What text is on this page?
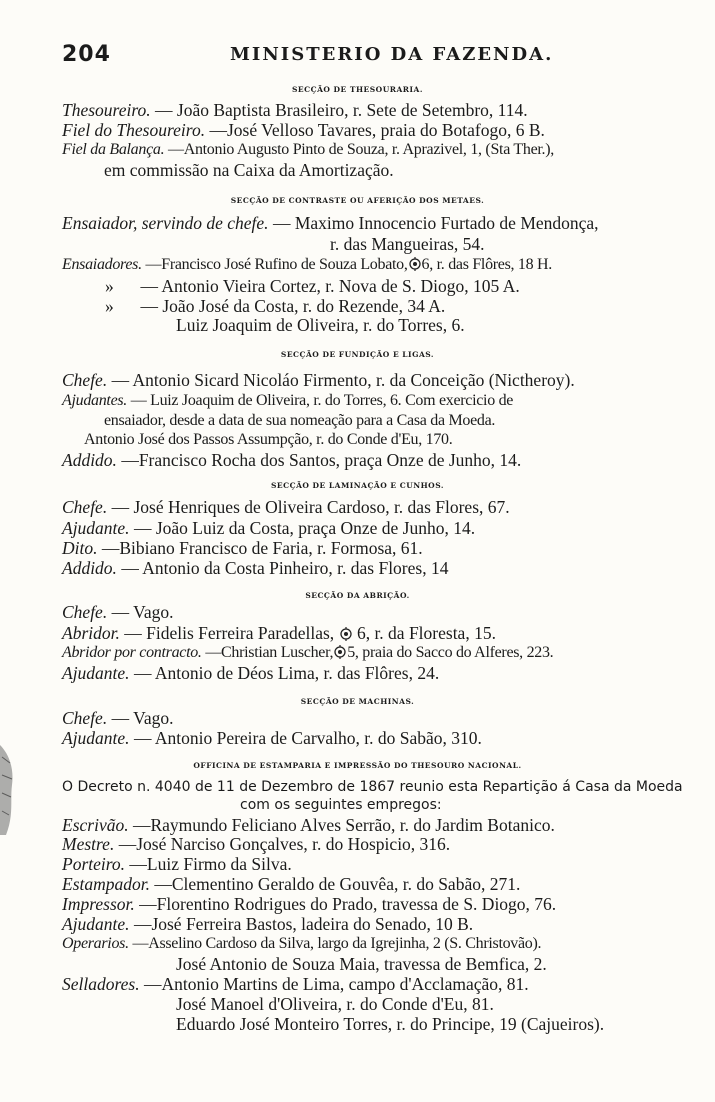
204	MINISTERIO DA FAZENDA.
SECÇÃO DE THESOURARIA.
Thesoureiro. — João Baptista Brasileiro, r. Sete de Setembro, 114.
Fiel do Thesoureiro. —José Velloso Tavares, praia do Botafogo, 6 B.
Fiel da Balança. —Antonio Augusto Pinto de Souza, r. Aprazivel, 1, (Sta Ther.),
em commissão na Caixa da Amortização.
SECÇÃO DE CONTRASTE OU AFERIÇÃO DOS METAES.
Ensaiador, servindo de chefe. — Maximo Innocencio Furtado de Mendonça,
r. das Mangueiras, 54.
Ensaiadores. —Francisco José Rufino de Souza Lobato, 6, r. das Flôres, 18 H.
» — Antonio Vieira Cortez, r. Nova de S. Diogo, 105 A.
» — João José da Costa, r. do Rezende, 34 A.
Luiz Joaquim de Oliveira, r. do Torres, 6.
SECÇÃO DE FUNDIÇÃO E LIGAS.
Chefe. — Antonio Sicard Nicoláo Firmento, r. da Conceição (Nictheroy).
Ajudantes. — Luiz Joaquim de Oliveira, r. do Torres, 6. Com exercicio de
ensaiador, desde a data de sua nomeação para a Casa da Moeda.
Antonio José dos Passos Assumpção, r. do Conde d'Eu, 170.
Addido. —Francisco Rocha dos Santos, praça Onze de Junho, 14.
SECÇÃO DE LAMINAÇÃO E CUNHOS.
Chefe. — José Henriques de Oliveira Cardoso, r. das Flores, 67.
Ajudante. — João Luiz da Costa, praça Onze de Junho, 14.
Dito. —Bibiano Francisco de Faria, r. Formosa, 61.
Addido. — Antonio da Costa Pinheiro, r. das Flores, 14
SECÇÃO DA ABRIÇÃO.
Chefe. — Vago.
Abridor. — Fidelis Ferreira Paradellas, 6, r. da Floresta, 15.
Abridor por contracto. —Christian Luscher, 5, praia do Sacco do Alferes, 223.
Ajudante. — Antonio de Déos Lima, r. das Flôres, 24.
SECÇÃO DE MACHINAS.
Chefe. — Vago.
Ajudante. — Antonio Pereira de Carvalho, r. do Sabão, 310.
OFFICINA DE ESTAMPARIA E IMPRESSÃO DO THESOURO NACIONAL.
O Decreto n. 4040 de 11 de Dezembro de 1867 reunio esta Repartição á Casa da Moeda
com os seguintes empregos:
Escrivão. —Raymundo Feliciano Alves Serrão, r. do Jardim Botanico.
Mestre. —José Narciso Gonçalves, r. do Hospicio, 316.
Porteiro. —Luiz Firmo da Silva.
Estampador. —Clementino Geraldo de Gouvêa, r. do Sabão, 271.
Impressor. —Florentino Rodrigues do Prado, travessa de S. Diogo, 76.
Ajudante. —José Ferreira Bastos, ladeira do Senado, 10 B.
Operarios. —Asselino Cardoso da Silva, largo da Igrejinha, 2 (S. Christovão).
José Antonio de Souza Maia, travessa de Bemfica, 2.
Selladores. —Antonio Martins de Lima, campo d'Acclamação, 81.
José Manoel d'Oliveira, r. do Conde d'Eu, 81.
Eduardo José Monteiro Torres, r. do Principe, 19 (Cajueiros).
